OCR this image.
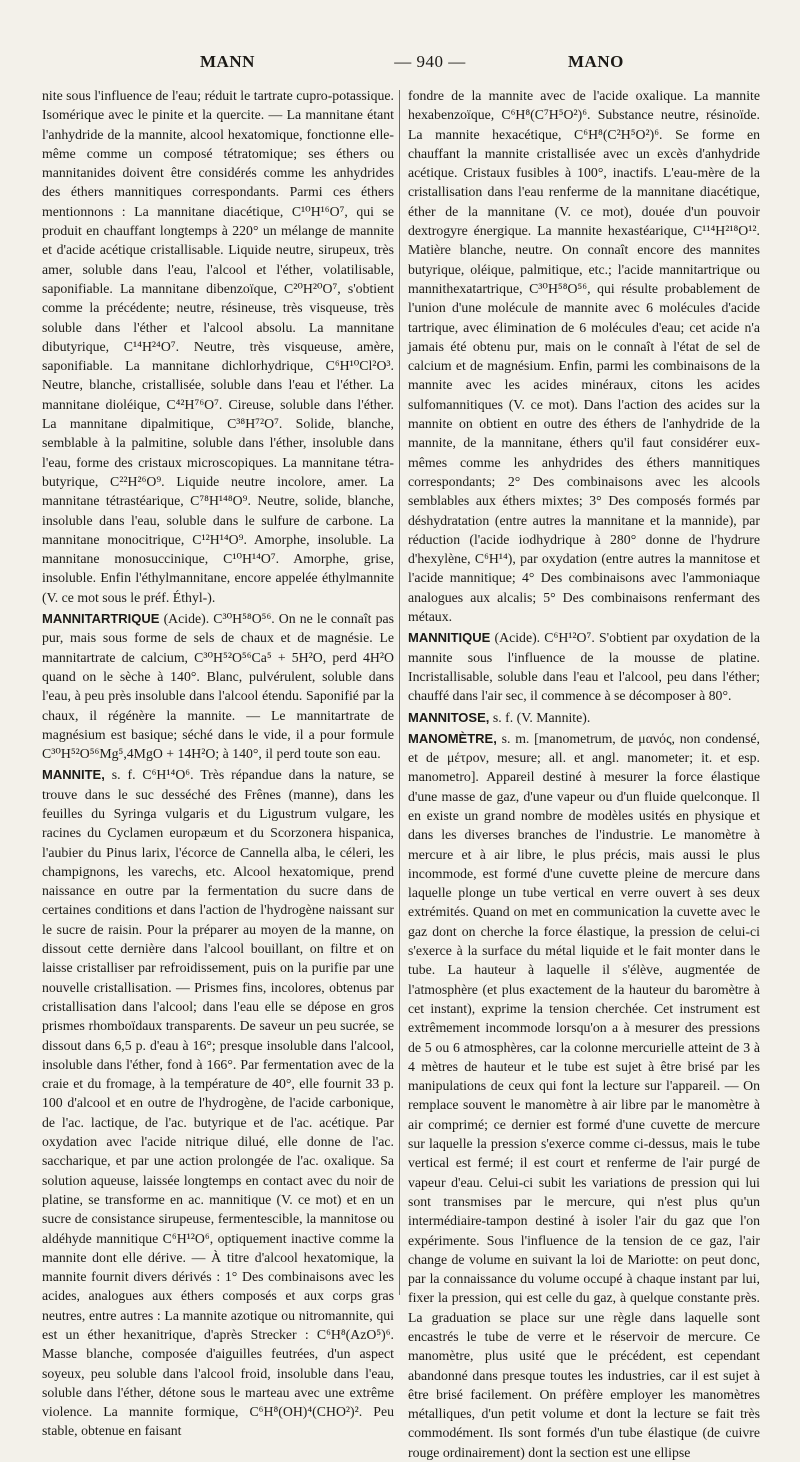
MANN	— 940 —	MANO

nite sous l'influence de l'eau; réduit le tartrate cupro-potassique. Isomérique avec le pinite et la quercite. — La mannitane étant l'anhydride de la mannite, alcool hexatomique, fonctionne elle-même comme un composé tétratomique; ses éthers ou mannitanides doivent être considérés comme les anhydrides des éthers mannitiques correspondants. Parmi ces éthers mentionnons : La mannitane diacétique, C¹⁰H¹⁶O⁷, qui se produit en chauffant longtemps à 220° un mélange de mannite et d'acide acétique cristallisable. Liquide neutre, sirupeux, très amer, soluble dans l'eau, l'alcool et l'éther, volatilisable, saponifiable. La mannitane dibenzoïque, C²⁰H²⁰O⁷, s'obtient comme la précédente; neutre, résineuse, très visqueuse, très soluble dans l'éther et l'alcool absolu. La mannitane dibutyrique, C¹⁴H²⁴O⁷. Neutre, très visqueuse, amère, saponifiable. La mannitane dichlorhydrique, C⁶H¹⁰Cl²O³. Neutre, blanche, cristallisée, soluble dans l'eau et l'éther. La mannitane dioléique, C⁴²H⁷⁶O⁷. Cireuse, soluble dans l'éther. La mannitane dipalmitique, C³⁸H⁷²O⁷. Solide, blanche, semblable à la palmitine, soluble dans l'éther, insoluble dans l'eau, forme des cristaux microscopiques. La mannitane tétra-butyrique, C²²H²⁶O⁹. Liquide neutre incolore, amer. La mannitane tétrastéarique, C⁷⁸H¹⁴⁸O⁹. Neutre, solide, blanche, insoluble dans l'eau, soluble dans le sulfure de carbone. La mannitane monocitrique, C¹²H¹⁴O⁹. Amorphe, insoluble. La mannitane monosuccinique, C¹⁰H¹⁴O⁷. Amorphe, grise, insoluble. Enfin l'éthylmannitane, encore appelée éthylmannite (V. ce mot sous le préf. Éthyl-).

MANNITARTRIQUE (Acide). C³⁰H⁵⁸O⁵⁶. On ne le connaît pas pur, mais sous forme de sels de chaux et de magnésie. Le mannitartrate de calcium, C³⁰H⁵²O⁵⁶Ca⁵ + 5H²O, perd 4H²O quand on le sèche à 140°. Blanc, pulvérulent, soluble dans l'eau, à peu près insoluble dans l'alcool étendu. Saponifié par la chaux, il régénère la mannite. — Le mannitartrate de magnésium est basique; séché dans le vide, il a pour formule C³⁰H⁵²O⁵⁶Mg⁵,4MgO + 14H²O; à 140°, il perd toute son eau.

MANNITE, s. f. C⁶H¹⁴O⁶. Très répandue dans la nature, se trouve dans le suc desséché des Frênes (manne), dans les feuilles du Syringa vulgaris et du Ligustrum vulgare, les racines du Cyclamen europæum et du Scorzonera hispanica, l'aubier du Pinus larix, l'écorce de Cannella alba, le céleri, les champignons, les varechs, etc. Alcool hexatomique, prend naissance en outre par la fermentation du sucre dans de certaines conditions et dans l'action de l'hydrogène naissant sur le sucre de raisin. Pour la préparer au moyen de la manne, on dissout cette dernière dans l'alcool bouillant, on filtre et on laisse cristalliser par refroidissement, puis on la purifie par une nouvelle cristallisation. — Prismes fins, incolores, obtenus par cristallisation dans l'alcool; dans l'eau elle se dépose en gros prismes rhomboïdaux transparents. De saveur un peu sucrée, se dissout dans 6,5 p. d'eau à 16°; presque insoluble dans l'alcool, insoluble dans l'éther, fond à 166°. Par fermentation avec de la craie et du fromage, à la température de 40°, elle fournit 33 p. 100 d'alcool et en outre de l'hydrogène, de l'acide carbonique, de l'ac. lactique, de l'ac. butyrique et de l'ac. acétique. Par oxydation avec l'acide nitrique dilué, elle donne de l'ac. saccharique, et par une action prolongée de l'ac. oxalique. Sa solution aqueuse, laissée longtemps en contact avec du noir de platine, se transforme en ac. mannitique (V. ce mot) et en un sucre de consistance sirupeuse, fermentescible, la mannitose ou aldéhyde mannitique C⁶H¹²O⁶, optiquement inactive comme la mannite dont elle dérive. — À titre d'alcool hexatomique, la mannite fournit divers dérivés : 1° Des combinaisons avec les acides, analogues aux éthers composés et aux corps gras neutres, entre autres : La mannite azotique ou nitromannite, qui est un éther hexanitrique, d'après Strecker : C⁶H⁸(AzO⁵)⁶. Masse blanche, composée d'aiguilles feutrées, d'un aspect soyeux, peu soluble dans l'alcool froid, insoluble dans l'eau, soluble dans l'éther, détone sous le marteau avec une extrême violence. La mannite formique, C⁶H⁸(OH)⁴(CHO²)². Peu stable, obtenue en faisant

fondre de la mannite avec de l'acide oxalique. La mannite hexabenzoïque, C⁶H⁸(C⁷H⁵O²)⁶. Substance neutre, résinoïde. La mannite hexacétique, C⁶H⁸(C²H⁵O²)⁶. Se forme en chauffant la mannite cristallisée avec un excès d'anhydride acétique. Cristaux fusibles à 100°, inactifs. L'eau-mère de la cristallisation dans l'eau renferme de la mannitane diacétique, éther de la mannitane (V. ce mot), douée d'un pouvoir dextrogyre énergique. La mannite hexastéarique, C¹¹⁴H²¹⁸O¹². Matière blanche, neutre. On connaît encore des mannites butyrique, oléique, palmitique, etc.; l'acide mannitartrique ou mannithexatartrique, C³⁰H⁵⁸O⁵⁶, qui résulte probablement de l'union d'une molécule de mannite avec 6 molécules d'acide tartrique, avec élimination de 6 molécules d'eau; cet acide n'a jamais été obtenu pur, mais on le connaît à l'état de sel de calcium et de magnésium. Enfin, parmi les combinaisons de la mannite avec les acides minéraux, citons les acides sulfomannitiques (V. ce mot). Dans l'action des acides sur la mannite on obtient en outre des éthers de l'anhydride de la mannite, de la mannitane, éthers qu'il faut considérer eux-mêmes comme les anhydrides des éthers mannitiques correspondants; 2° Des combinaisons avec les alcools semblables aux éthers mixtes; 3° Des composés formés par déshydratation (entre autres la mannitane et la mannide), par réduction (l'acide iodhydrique à 280° donne de l'hydrure d'hexylène, C⁶H¹⁴), par oxydation (entre autres la mannitose et l'acide mannitique; 4° Des combinaisons avec l'ammoniaque analogues aux alcalis; 5° Des combinaisons renfermant des métaux.

MANNITIQUE (Acide). C⁶H¹²O⁷. S'obtient par oxydation de la mannite sous l'influence de la mousse de platine. Incristallisable, soluble dans l'eau et l'alcool, peu dans l'éther; chauffé dans l'air sec, il commence à se décomposer à 80°.

MANNITOSE, s. f. (V. Mannite).

MANOMÈTRE, s. m. [manometrum, de μανός, non condensé, et de μέτρον, mesure; all. et angl. manometer; it. et esp. manometro]. Appareil destiné à mesurer la force élastique d'une masse de gaz, d'une vapeur ou d'un fluide quelconque. Il en existe un grand nombre de modèles usités en physique et dans les diverses branches de l'industrie. Le manomètre à mercure et à air libre, le plus précis, mais aussi le plus incommode, est formé d'une cuvette pleine de mercure dans laquelle plonge un tube vertical en verre ouvert à ses deux extrémités. Quand on met en communication la cuvette avec le gaz dont on cherche la force élastique, la pression de celui-ci s'exerce à la surface du métal liquide et le fait monter dans le tube. La hauteur à laquelle il s'élève, augmentée de l'atmosphère (et plus exactement de la hauteur du baromètre à cet instant), exprime la tension cherchée. Cet instrument est extrêmement incommode lorsqu'on a à mesurer des pressions de 5 ou 6 atmosphères, car la colonne mercurielle atteint de 3 à 4 mètres de hauteur et le tube est sujet à être brisé par les manipulations de ceux qui font la lecture sur l'appareil. — On remplace souvent le manomètre à air libre par le manomètre à air comprimé; ce dernier est formé d'une cuvette de mercure sur laquelle la pression s'exerce comme ci-dessus, mais le tube vertical est fermé; il est court et renferme de l'air purgé de vapeur d'eau. Celui-ci subit les variations de pression qui lui sont transmises par le mercure, qui n'est plus qu'un intermédiaire-tampon destiné à isoler l'air du gaz que l'on expérimente. Sous l'influence de la tension de ce gaz, l'air change de volume en suivant la loi de Mariotte: on peut donc, par la connaissance du volume occupé à chaque instant par lui, fixer la pression, qui est celle du gaz, à quelque constante près. La graduation se place sur une règle dans laquelle sont encastrés le tube de verre et le réservoir de mercure. Ce manomètre, plus usité que le précédent, est cependant abandonné dans presque toutes les industries, car il est sujet à être brisé facilement. On préfère employer les manomètres métalliques, d'un petit volume et dont la lecture se fait très commodément. Ils sont formés d'un tube élastique (de cuivre rouge ordinairement) dont la section est une ellipse
